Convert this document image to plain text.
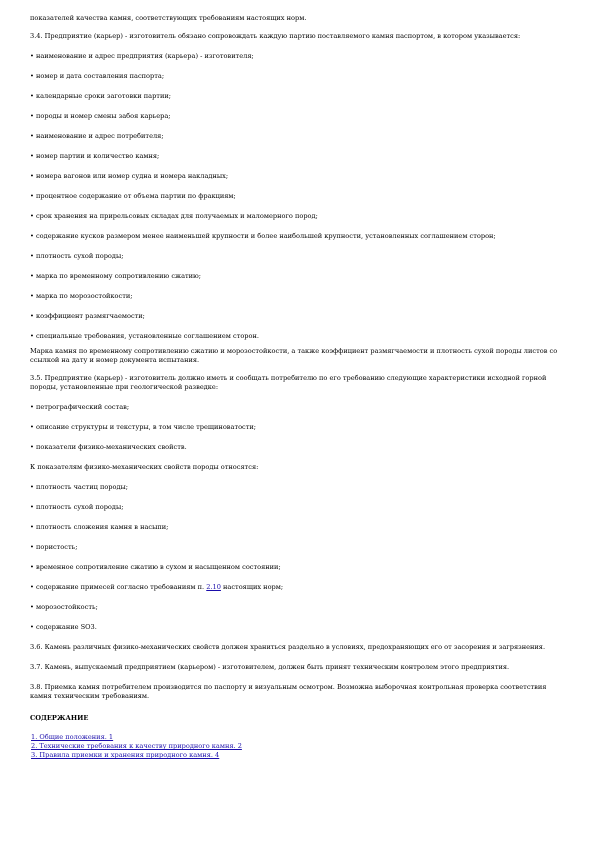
показателей качества камня, соответствующих требованиям настоящих норм.

3.4. Предприятие (карьер) - изготовитель обязано сопровождать каждую партию поставляемого камня паспортом, в котором указывается:

• наименование и адрес предприятия (карьера) - изготовителя;

• номер и дата составления паспорта;

• календарные сроки заготовки партии;

• породы и номер смены забоя карьера;

• наименование и адрес потребителя;

• номер партии и количество камня;

• номера вагонов или номер судна и номера накладных;

• процентное содержание от объема партии по фракциям;

• срок хранения на прирельсовых складах для получаемых и маломерного пород;

• содержание кусков размером менее наименьшей крупности и более наибольшей крупности, установленных соглашением сторон;

• плотность сухой породы;

• марка по временному сопротивлению сжатию;

• марка по морозостойкости;

• коэффициент размягчаемости;

• специальные требования, установленные соглашением сторон.

Марка камня по временному сопротивлению сжатию и морозостойкости, а также коэффициент размягчаемости и плотность сухой породы листов со ссылкой на дату и номер документа испытания.

3.5. Предприятие (карьер) - изготовитель должно иметь и сообщать потребителю по его требованию следующие характеристики исходной горной породы, установленные при геологической разведке:

• петрографический состав;

• описание структуры и текстуры, в том числе трещиноватости;

• показатели физико-механических свойств.

К показателям физико-механических свойств породы относятся:

• плотность частиц породы;

• плотность сухой породы;

• плотность сложения камня в насыпи;

• пористость;

• временное сопротивление сжатию в сухом и насыщенном состоянии;

• содержание примесей согласно требованиям п. 2.10 настоящих норм;

• морозостойкость;

• содержание SO3.

3.6. Камень различных физико-механических свойств должен храниться раздельно в условиях, предохраняющих его от засорения и загрязнения.

3.7. Камень, выпускаемый предприятием (карьером) - изготовителем, должен быть принят техническим контролем этого предприятия.

3.8. Приемка камня потребителем производится по паспорту и визуальным осмотром. Возможна выборочная контрольная проверка соответствия камня техническим требованиям.

СОДЕРЖАНИЕ

1. Общие положения. 1
2. Технические требования к качеству природного камня. 2
3. Правила приемки и хранения природного камня. 4
